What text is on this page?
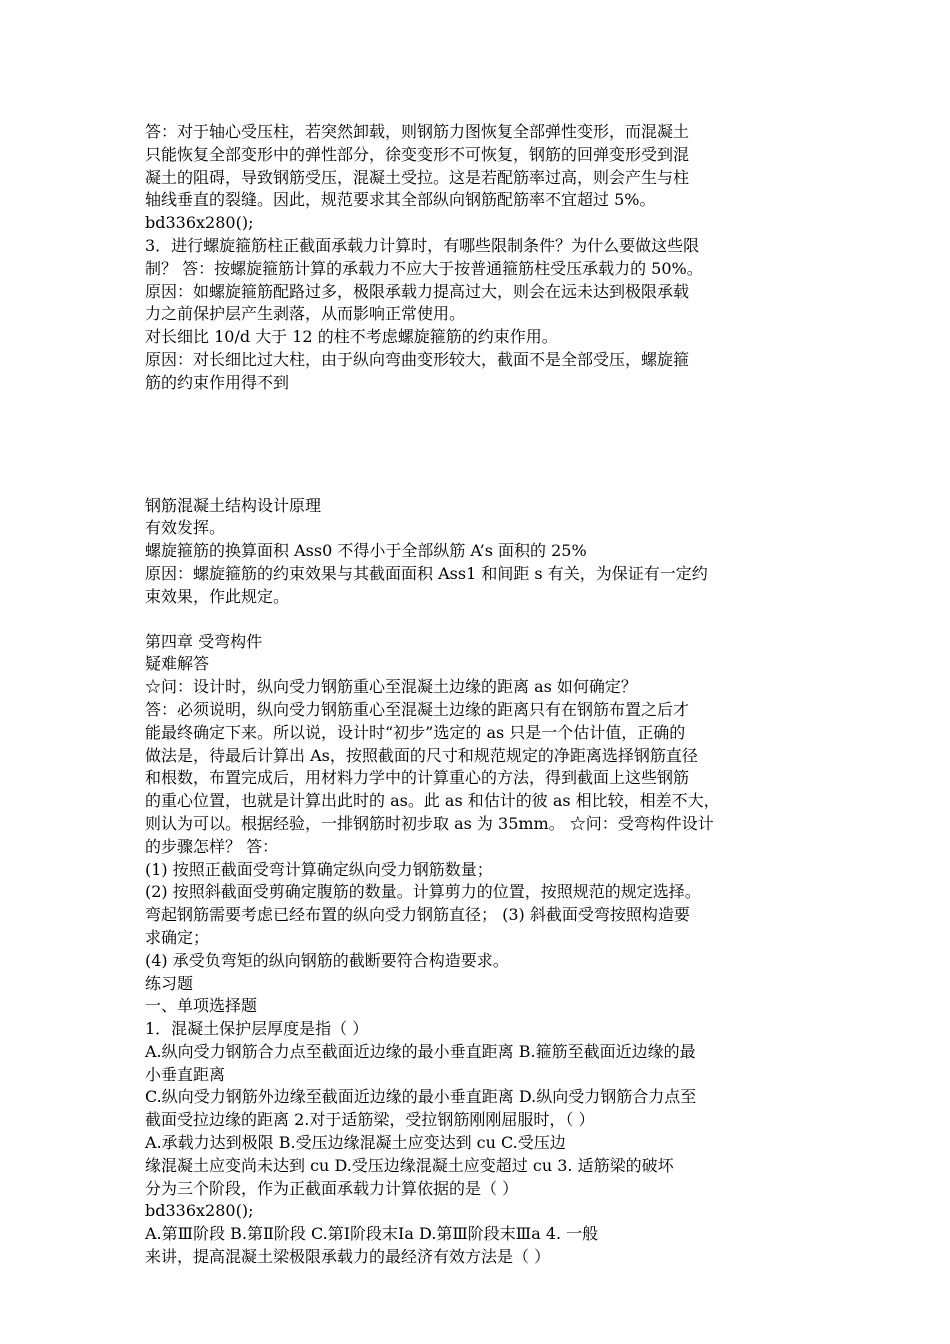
答：对于轴心受压柱，若突然卸载，则钢筋力图恢复全部弹性变形，而混凝土
只能恢复全部变形中的弹性部分，徐变变形不可恢复，钢筋的回弹变形受到混
凝土的阻碍，导致钢筋受压，混凝土受拉。这是若配筋率过高，则会产生与柱
轴线垂直的裂缝。因此，规范要求其全部纵向钢筋配筋率不宜超过 5%。
bd336x280();
3．进行螺旋箍筋柱正截面承载力计算时，有哪些限制条件？为什么要做这些限
制？ 答：按螺旋箍筋计算的承载力不应大于按普通箍筋柱受压承载力的 50%。
原因：如螺旋箍筋配路过多，极限承载力提高过大，则会在远未达到极限承载
力之前保护层产生剥落，从而影响正常使用。
对长细比 10/d 大于 12 的柱不考虑螺旋箍筋的约束作用。
原因：对长细比过大柱，由于纵向弯曲变形较大，截面不是全部受压，螺旋箍
筋的约束作用得不到
钢筋混凝土结构设计原理
有效发挥。
螺旋箍筋的换算面积 Ass0 不得小于全部纵筋 A’s 面积的 25%
原因：螺旋箍筋的约束效果与其截面面积 Ass1 和间距 s 有关，为保证有一定约
束效果，作此规定。
第四章 受弯构件
疑难解答
☆问：设计时，纵向受力钢筋重心至混凝土边缘的距离 as 如何确定？
答：必须说明，纵向受力钢筋重心至混凝土边缘的距离只有在钢筋布置之后才
能最终确定下来。所以说，设计时“初步”选定的 as 只是一个估计值，正确的
做法是，待最后计算出 As，按照截面的尺寸和规范规定的净距离选择钢筋直径
和根数，布置完成后，用材料力学中的计算重心的方法，得到截面上这些钢筋
的重心位置，也就是计算出此时的 as。此 as 和估计的彼 as 相比较，相差不大，
则认为可以。根据经验，一排钢筋时初步取 as 为 35mm。 ☆问：受弯构件设计
的步骤怎样？ 答：
(1) 按照正截面受弯计算确定纵向受力钢筋数量；
(2) 按照斜截面受剪确定腹筋的数量。计算剪力的位置，按照规范的规定选择。
弯起钢筋需要考虑已经布置的纵向受力钢筋直径； (3) 斜截面受弯按照构造要
求确定；
(4) 承受负弯矩的纵向钢筋的截断要符合构造要求。
练习题
一、单项选择题
1．混凝土保护层厚度是指（ ）
A.纵向受力钢筋合力点至截面近边缘的最小垂直距离 B.箍筋至截面近边缘的最
小垂直距离
C.纵向受力钢筋外边缘至截面近边缘的最小垂直距离 D.纵向受力钢筋合力点至
截面受拉边缘的距离 2.对于适筋梁，受拉钢筋刚刚屈服时，（ ）
A.承载力达到极限 B.受压边缘混凝土应变达到 cu C.受压边
缘混凝土应变尚未达到 cu D.受压边缘混凝土应变超过 cu 3. 适筋梁的破坏
分为三个阶段，作为正截面承载力计算依据的是（ ）
bd336x280();
A.第Ⅲ阶段 B.第Ⅱ阶段 C.第Ⅰ阶段末Ⅰa D.第Ⅲ阶段末Ⅲa 4. 一般
来讲，提高混凝土梁极限承载力的最经济有效方法是（ ）
